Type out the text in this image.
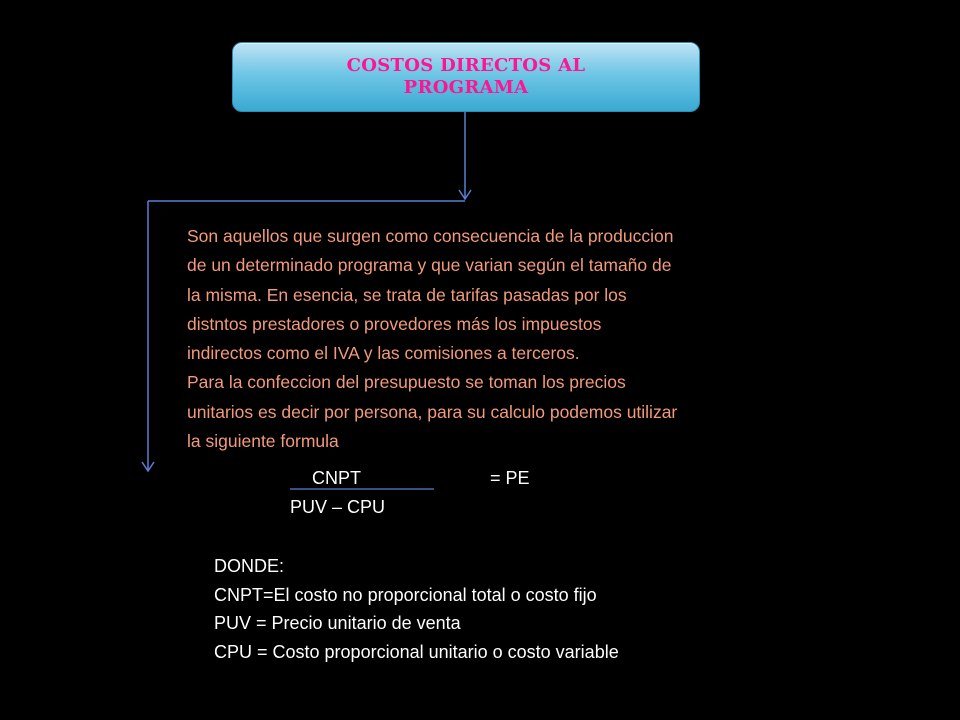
COSTOS DIRECTOS AL PROGRAMA
Son aquellos que surgen como consecuencia de la produccion
de un determinado programa y que varian según el tamaño de
la misma. En esencia, se trata de tarifas pasadas por los
distntos prestadores o provedores más los impuestos
indirectos como el IVA y las comisiones a terceros.
Para la confeccion del presupuesto se toman los precios
unitarios es decir por persona, para su calculo podemos utilizar
la siguiente formula
CNPT
PUV – CPU
= PE
DONDE:
CNPT=El costo no proporcional total o costo fijo
PUV = Precio unitario de venta
CPU = Costo proporcional unitario o costo variable
